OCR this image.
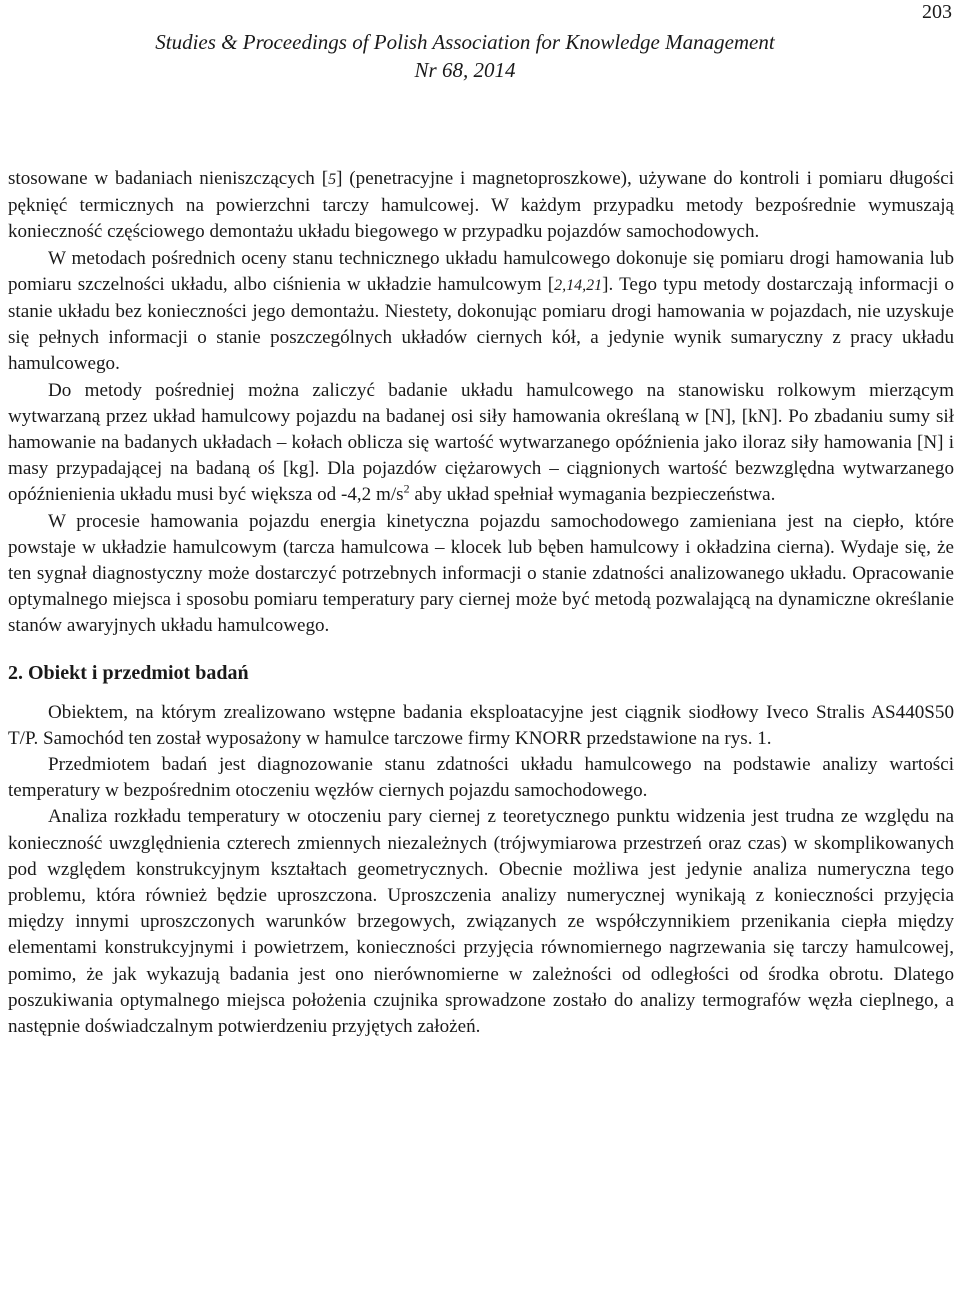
203
Studies & Proceedings of Polish Association for Knowledge Management
Nr 68, 2014

stosowane w badaniach nieniszczących [5] (penetracyjne i magnetoproszkowe), używane do kontroli i pomiaru długości pęknięć termicznych na powierzchni tarczy hamulcowej. W każdym przypadku metody bezpośrednie wymuszają konieczność częściowego demontażu układu biegowego w przypadku pojazdów samochodowych.

W metodach pośrednich oceny stanu technicznego układu hamulcowego dokonuje się pomiaru drogi hamowania lub pomiaru szczelności układu, albo ciśnienia w układzie hamulcowym [2,14,21]. Tego typu metody dostarczają informacji o stanie układu bez konieczności jego demontażu. Niestety, dokonując pomiaru drogi hamowania w pojazdach, nie uzyskuje się pełnych informacji o stanie poszczególnych układów ciernych kół, a jedynie wynik sumaryczny z pracy układu hamulcowego.

Do metody pośredniej można zaliczyć badanie układu hamulcowego na stanowisku rolkowym mierzącym wytwarzaną przez układ hamulcowy pojazdu na badanej osi siły hamowania określaną w [N], [kN]. Po zbadaniu sumy sił hamowanie na badanych układach – kołach oblicza się wartość wytwarzanego opóźnienia jako iloraz siły hamowania [N] i masy przypadającej na badaną oś [kg]. Dla pojazdów ciężarowych – ciągnionych wartość bezwzględna wytwarzanego opóźnienienia układu musi być większa od -4,2 $m/s^2$ aby układ spełniał wymagania bezpieczeństwa.

W procesie hamowania pojazdu energia kinetyczna pojazdu samochodowego zamieniana jest na ciepło, które powstaje w układzie hamulcowym (tarcza hamulcowa – klocek lub bęben hamulcowy i okładzina cierna). Wydaje się, że ten sygnał diagnostyczny może dostarczyć potrzebnych informacji o stanie zdatności analizowanego układu. Opracowanie optymalnego miejsca i sposobu pomiaru temperatury pary ciernej może być metodą pozwalającą na dynamiczne określanie stanów awaryjnych układu hamulcowego.

2. Obiekt i przedmiot badań

Obiektem, na którym zrealizowano wstępne badania eksploatacyjne jest ciągnik siodłowy Iveco Stralis AS440S50 T/P. Samochód ten został wyposażony w hamulce tarczowe firmy KNORR przedstawione na rys. 1.

Przedmiotem badań jest diagnozowanie stanu zdatności układu hamulcowego na podstawie analizy wartości temperatury w bezpośrednim otoczeniu węzłów ciernych pojazdu samochodowego.

Analiza rozkładu temperatury w otoczeniu pary ciernej z teoretycznego punktu widzenia jest trudna ze względu na konieczność uwzględnienia czterech zmiennych niezależnych (trójwymiarowa przestrzeń oraz czas) w skomplikowanych pod względem konstrukcyjnym kształtach geometrycznych. Obecnie możliwa jest jedynie analiza numeryczna tego problemu, która również będzie uproszczona. Uproszczenia analizy numerycznej wynikają z konieczności przyjęcia między innymi uproszczonych warunków brzegowych, związanych ze współczynnikiem przenikania ciepła między elementami konstrukcyjnymi i powietrzem, konieczności przyjęcia równomiernego nagrzewania się tarczy hamulcowej, pomimo, że jak wykazują badania jest ono nierównomierne w zależności od odległości od środka obrotu. Dlatego poszukiwania optymalnego miejsca położenia czujnika sprowadzone zostało do analizy termografów węzła cieplnego, a następnie doświadczalnym potwierdzeniu przyjętych założeń.
